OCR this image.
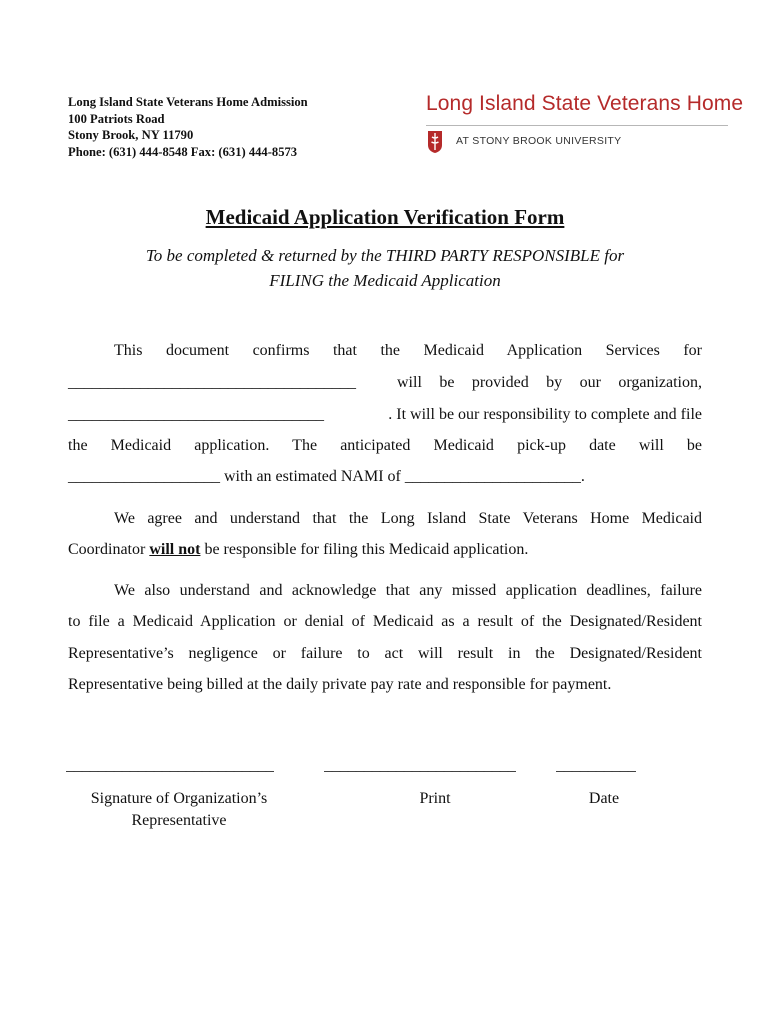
Long Island State Veterans Home Admission
100 Patriots Road
Stony Brook, NY 11790
Phone: (631) 444-8548 Fax: (631) 444-8573
Long Island State Veterans Home
AT STONY BROOK UNIVERSITY
Medicaid Application Verification Form
To be completed & returned by the THIRD PARTY RESPONSIBLE for
FILING the Medicaid Application
This document confirms that the Medicaid Application Services for
____________________________________	will be provided by our organization,
________________________________	. It will be our responsibility to complete and file
the Medicaid application. The anticipated Medicaid pick-up date will be
___________________ with an estimated NAMI of ______________________.
We agree and understand that the Long Island State Veterans Home Medicaid
Coordinator will not be responsible for filing this Medicaid application.
We also understand and acknowledge that any missed application deadlines, failure
to file a Medicaid Application or denial of Medicaid as a result of the Designated/Resident
Representative’s negligence or failure to act will result in the Designated/Resident
Representative being billed at the daily private pay rate and responsible for payment.
__________________________	________________________	__________
Signature of Organization’s
Representative
Print	Date
